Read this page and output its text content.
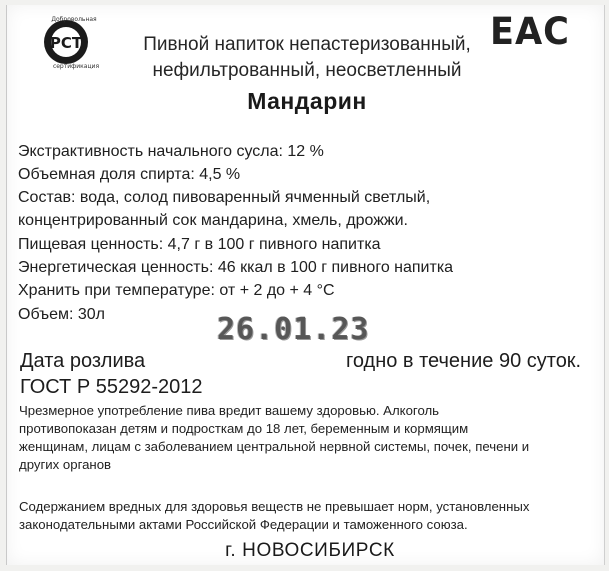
РСТ
Добровольная
сертификация
EAC
Пивной напиток непастеризованный,
нефильтрованный, неосветленный
Мандарин
Экстрактивность начального сусла: 12 %
Объемная доля спирта: 4,5 %
Состав: вода, солод пивоваренный ячменный светлый,
концентрированный сок мандарина, хмель, дрожжи.
Пищевая ценность: 4,7 г в 100 г пивного напитка
Энергетическая ценность: 46 ккал в 100 г пивного напитка
Хранить при температуре: от + 2 до + 4 °С
Объем: 30л	26.01.23
Дата розлива	годно в течение 90 суток.
ГОСТ Р 55292-2012
Чрезмерное употребление пива вредит вашему здоровью. Алкоголь
противопоказан детям и подросткам до 18 лет, беременным и кормящим
женщинам, лицам с заболеванием центральной нервной системы, почек, печени и
других органов
Содержанием вредных для здоровья веществ не превышает норм, установленных
законодательными актами Российской Федерации и таможенного союза.
г. НОВОСИБИРСК
